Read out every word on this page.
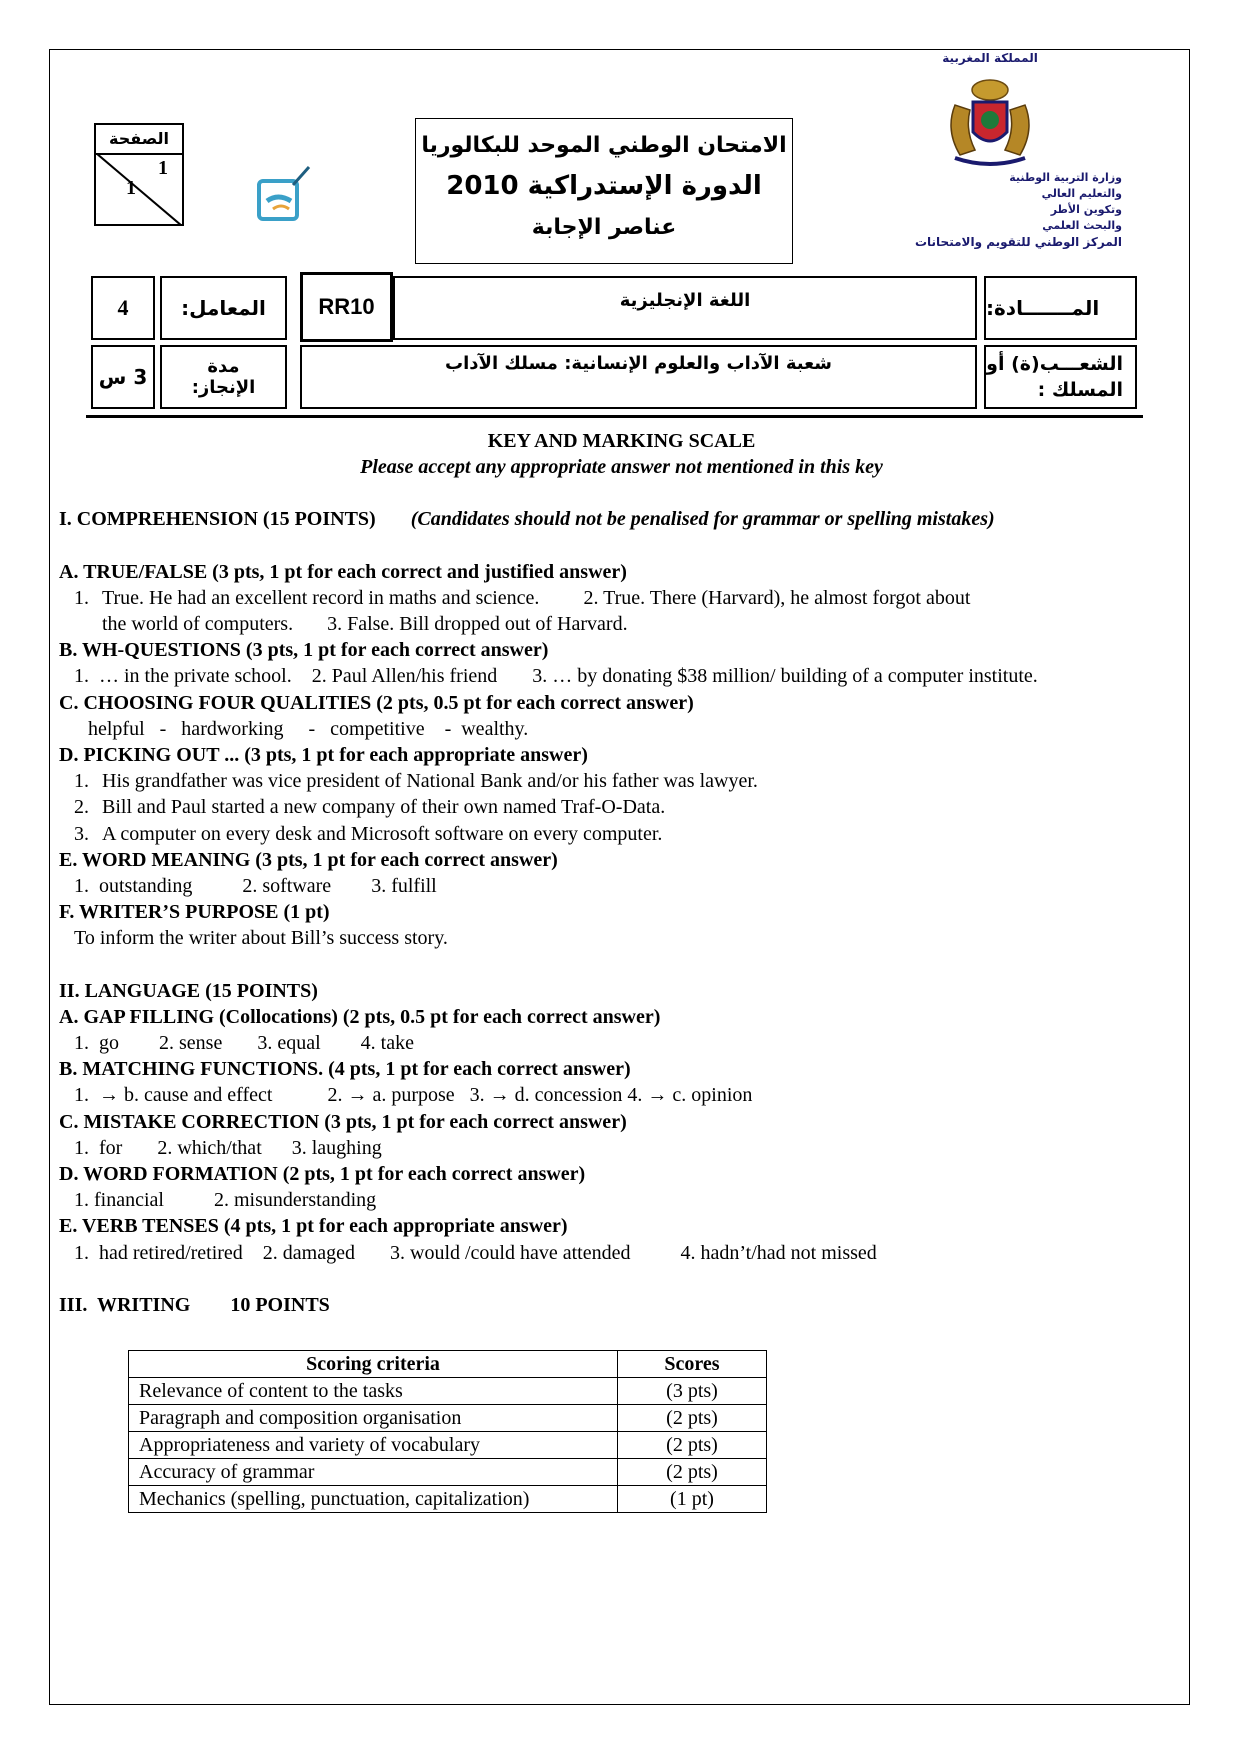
المملكة المغربية
وزارة التربية الوطنية
والتعليم العالي
وتكوين الأطر
والبحث العلمي
المركز الوطني للتقويم والامتحانات
الصفحة
1
1
الامتحان الوطني الموحد للبكالوريا
الدورة الإستدراكية 2010
عناصر الإجابة
4	المعامل:	RR10	اللغة الإنجليزية	المـــــــادة:
3 س	مدة الإنجاز:
شعبة الآداب والعلوم الإنسانية: مسلك الآداب	الشعـــب(ة) أو المسلك :
KEY AND MARKING SCALE
Please accept any appropriate answer not mentioned in this key
I. COMPREHENSION (15 POINTS) (Candidates should not be penalised for grammar or spelling mistakes)
A. TRUE/FALSE (3 pts, 1 pt for each correct and justified answer)
1. True. He had an excellent record in maths and science. 2. True. There (Harvard), he almost forgot about
the world of computers. 3. False. Bill dropped out of Harvard.
B. WH-QUESTIONS (3 pts, 1 pt for each correct answer)
1.  … in the private school.    2. Paul Allen/his friend       3. … by donating $38 million/ building of a computer institute.
C. CHOOSING FOUR QUALITIES (2 pts, 0.5 pt for each correct answer)
helpful   -   hardworking     -   competitive    -  wealthy.
D. PICKING OUT ... (3 pts, 1 pt for each appropriate answer)
1. His grandfather was vice president of National Bank and/or his father was lawyer.
2. Bill and Paul started a new company of their own named Traf-O-Data.
3. A computer on every desk and Microsoft software on every computer.
E. WORD MEANING (3 pts, 1 pt for each correct answer)
1.  outstanding          2. software        3. fulfill
F. WRITER’S PURPOSE (1 pt)
To inform the writer about Bill’s success story.
II. LANGUAGE (15 POINTS)
A. GAP FILLING (Collocations) (2 pts, 0.5 pt for each correct answer)
1.  go        2. sense       3. equal        4. take
B. MATCHING FUNCTIONS. (4 pts, 1 pt for each correct answer)
1.  → b. cause and effect           2. → a. purpose   3. → d. concession 4. → c. opinion
C. MISTAKE CORRECTION (3 pts, 1 pt for each correct answer)
1.  for       2. which/that      3. laughing
D. WORD FORMATION (2 pts, 1 pt for each correct answer)
1. financial          2. misunderstanding
E. VERB TENSES (4 pts, 1 pt for each appropriate answer)
1.  had retired/retired    2. damaged       3. would /could have attended          4. hadn’t/had not missed
III.  WRITING        10 POINTS
Scoring criteria	Scores
Relevance of content to the tasks	(3 pts)
Paragraph and composition organisation	(2 pts)
Appropriateness and variety of vocabulary	(2 pts)
Accuracy of grammar	(2 pts)
Mechanics (spelling, punctuation, capitalization)	(1 pt)
